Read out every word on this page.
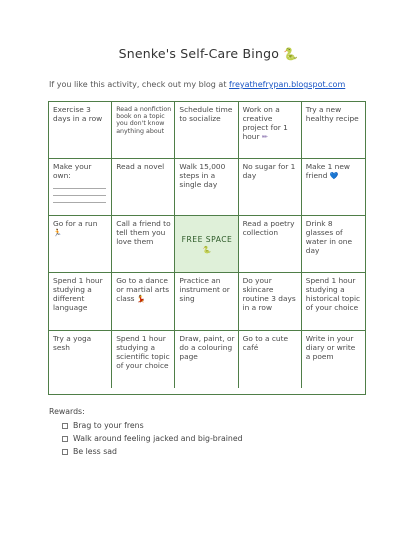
Snenke's Self-Care Bingo 🐍
If you like this activity, check out my blog at freyathefrypan.blogspot.com
Exercise 3 days in a row
Read a nonfiction book on a topic you don't know anything about
Schedule time to socialize
Work on a creative project for 1 hour ✏
Try a new healthy recipe
Make your own:
Read a novel	Walk 15,000 steps in a single day
No sugar for 1 day
Make 1 new friend 💙
Go for a run 🏃
Call a friend to tell them you love them	FREE SPACE
🐍
Read a poetry collection
Drink 8 glasses of water in one day
Spend 1 hour studying a different language
Go to a dance or martial arts class 💃
Practice an instrument or sing
Do your skincare routine 3 days in a row
Spend 1 hour studying a historical topic of your choice
Try a yoga sesh
Spend 1 hour studying a scientific topic of your choice
Draw, paint, or do a colouring page
Go to a cute café
Write in your diary or write a poem
Rewards:
Brag to your frens
Walk around feeling jacked and big-brained
Be less sad
